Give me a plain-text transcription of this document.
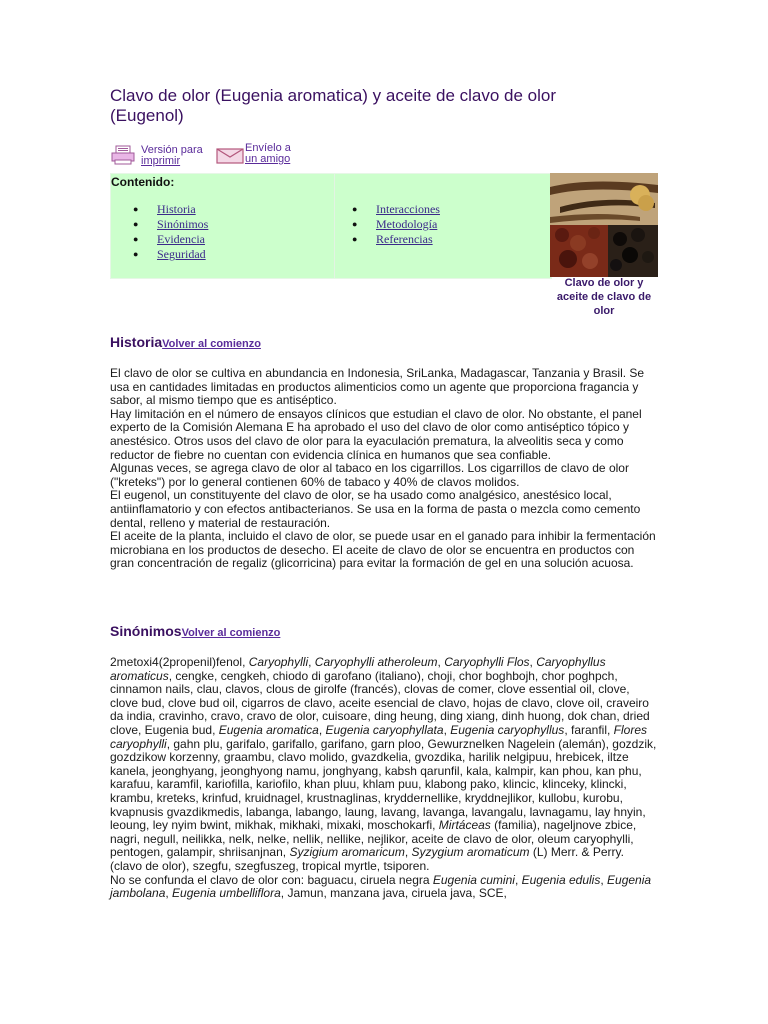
Clavo de olor (Eugenia aromatica) y aceite de clavo de olor (Eugenol)
Versión para
imprimir
Envíelo a
un amigo
Contenido:
● Historia
● Sinónimos
● Evidencia
● Seguridad
● Interacciones
● Metodología
● Referencias
Clavo de olor y aceite de clavo de olor
HistoriaVolver al comienzo

El clavo de olor se cultiva en abundancia en Indonesia, SriLanka, Madagascar, Tanzania y Brasil. Se usa en cantidades limitadas en productos alimenticios como un agente que proporciona fragancia y sabor, al mismo tiempo que es antiséptico.

Hay limitación en el número de ensayos clínicos que estudian el clavo de olor. No obstante, el panel experto de la Comisión Alemana E ha aprobado el uso del clavo de olor como antiséptico tópico y anestésico. Otros usos del clavo de olor para la eyaculación prematura, la alveolitis seca y como reductor de fiebre no cuentan con evidencia clínica en humanos que sea confiable.

Algunas veces, se agrega clavo de olor al tabaco en los cigarrillos. Los cigarrillos de clavo de olor ("kreteks") por lo general contienen 60% de tabaco y 40% de clavos molidos.

El eugenol, un constituyente del clavo de olor, se ha usado como analgésico, anestésico local, antiinflamatorio y con efectos antibacterianos. Se usa en la forma de pasta o mezcla como cemento dental, relleno y material de restauración.

El aceite de la planta, incluido el clavo de olor, se puede usar en el ganado para inhibir la fermentación microbiana en los productos de desecho. El aceite de clavo de olor se encuentra en productos con gran concentración de regaliz (glicorricina) para evitar la formación de gel en una solución acuosa.

SinónimosVolver al comienzo

2metoxi4(2propenil)fenol, Caryophylli, Caryophylli atheroleum, Caryophylli Flos, Caryophyllus aromaticus, cengke, cengkeh, chiodo di garofano (italiano), choji, chor boghbojh, chor poghpch, cinnamon nails, clau, clavos, clous de girolfe (francés), clovas de comer, clove essential oil, clove, clove bud, clove bud oil, cigarros de clavo, aceite esencial de clavo, hojas de clavo, clove oil, craveiro da india, cravinho, cravo, cravo de olor, cuisoare, ding heung, ding xiang, dinh huong, dok chan, dried clove, Eugenia bud, Eugenia aromatica, Eugenia caryophyllata, Eugenia caryophyllus, faranfil, Flores caryophylli, gahn plu, garifalo, garifallo, garifano, garn ploo, Gewurznelken Nagelein (alemán), gozdzik, gozdzikow korzenny, graambu, clavo molido, gvazdkelia, gvozdika, harilik nelgipuu, hrebicek, iltze kanela, jeonghyang, jeonghyong namu, jonghyang, kabsh qarunfil, kala, kalmpir, kan phou, kan phu, karafuu, karamfil, kariofilla, kariofilo, khan pluu, khlam puu, klabong pako, klincic, klinceky, klincki, krambu, kreteks, krinfud, kruidnagel, krustnaglinas, kryddernellike, kryddnejlikor, kullobu, kurobu, kvapnusis gvazdikmedis, labanga, labango, laung, lavang, lavanga, lavangalu, lavnagamu, lay hnyin, leoung, ley nyim bwint, mikhak, mikhaki, mixaki, moschokarfi, Mirtáceas (familia), nageljnove zbice, nagri, negull, neilikka, nelk, nelke, nellik, nellike, nejlikor, aceite de clavo de olor, oleum caryophylli, pentogen, galampir, shriisanjnan, Syzigium aromaricum, Syzygium aromaticum (L) Merr. & Perry. (clavo de olor), szegfu, szegfuszeg, tropical myrtle, tsiporen.

No se confunda el clavo de olor con: baguacu, ciruela negra Eugenia cumini, Eugenia edulis, Eugenia jambolana, Eugenia umbelliflora, Jamun, manzana java, ciruela java, SCE,
